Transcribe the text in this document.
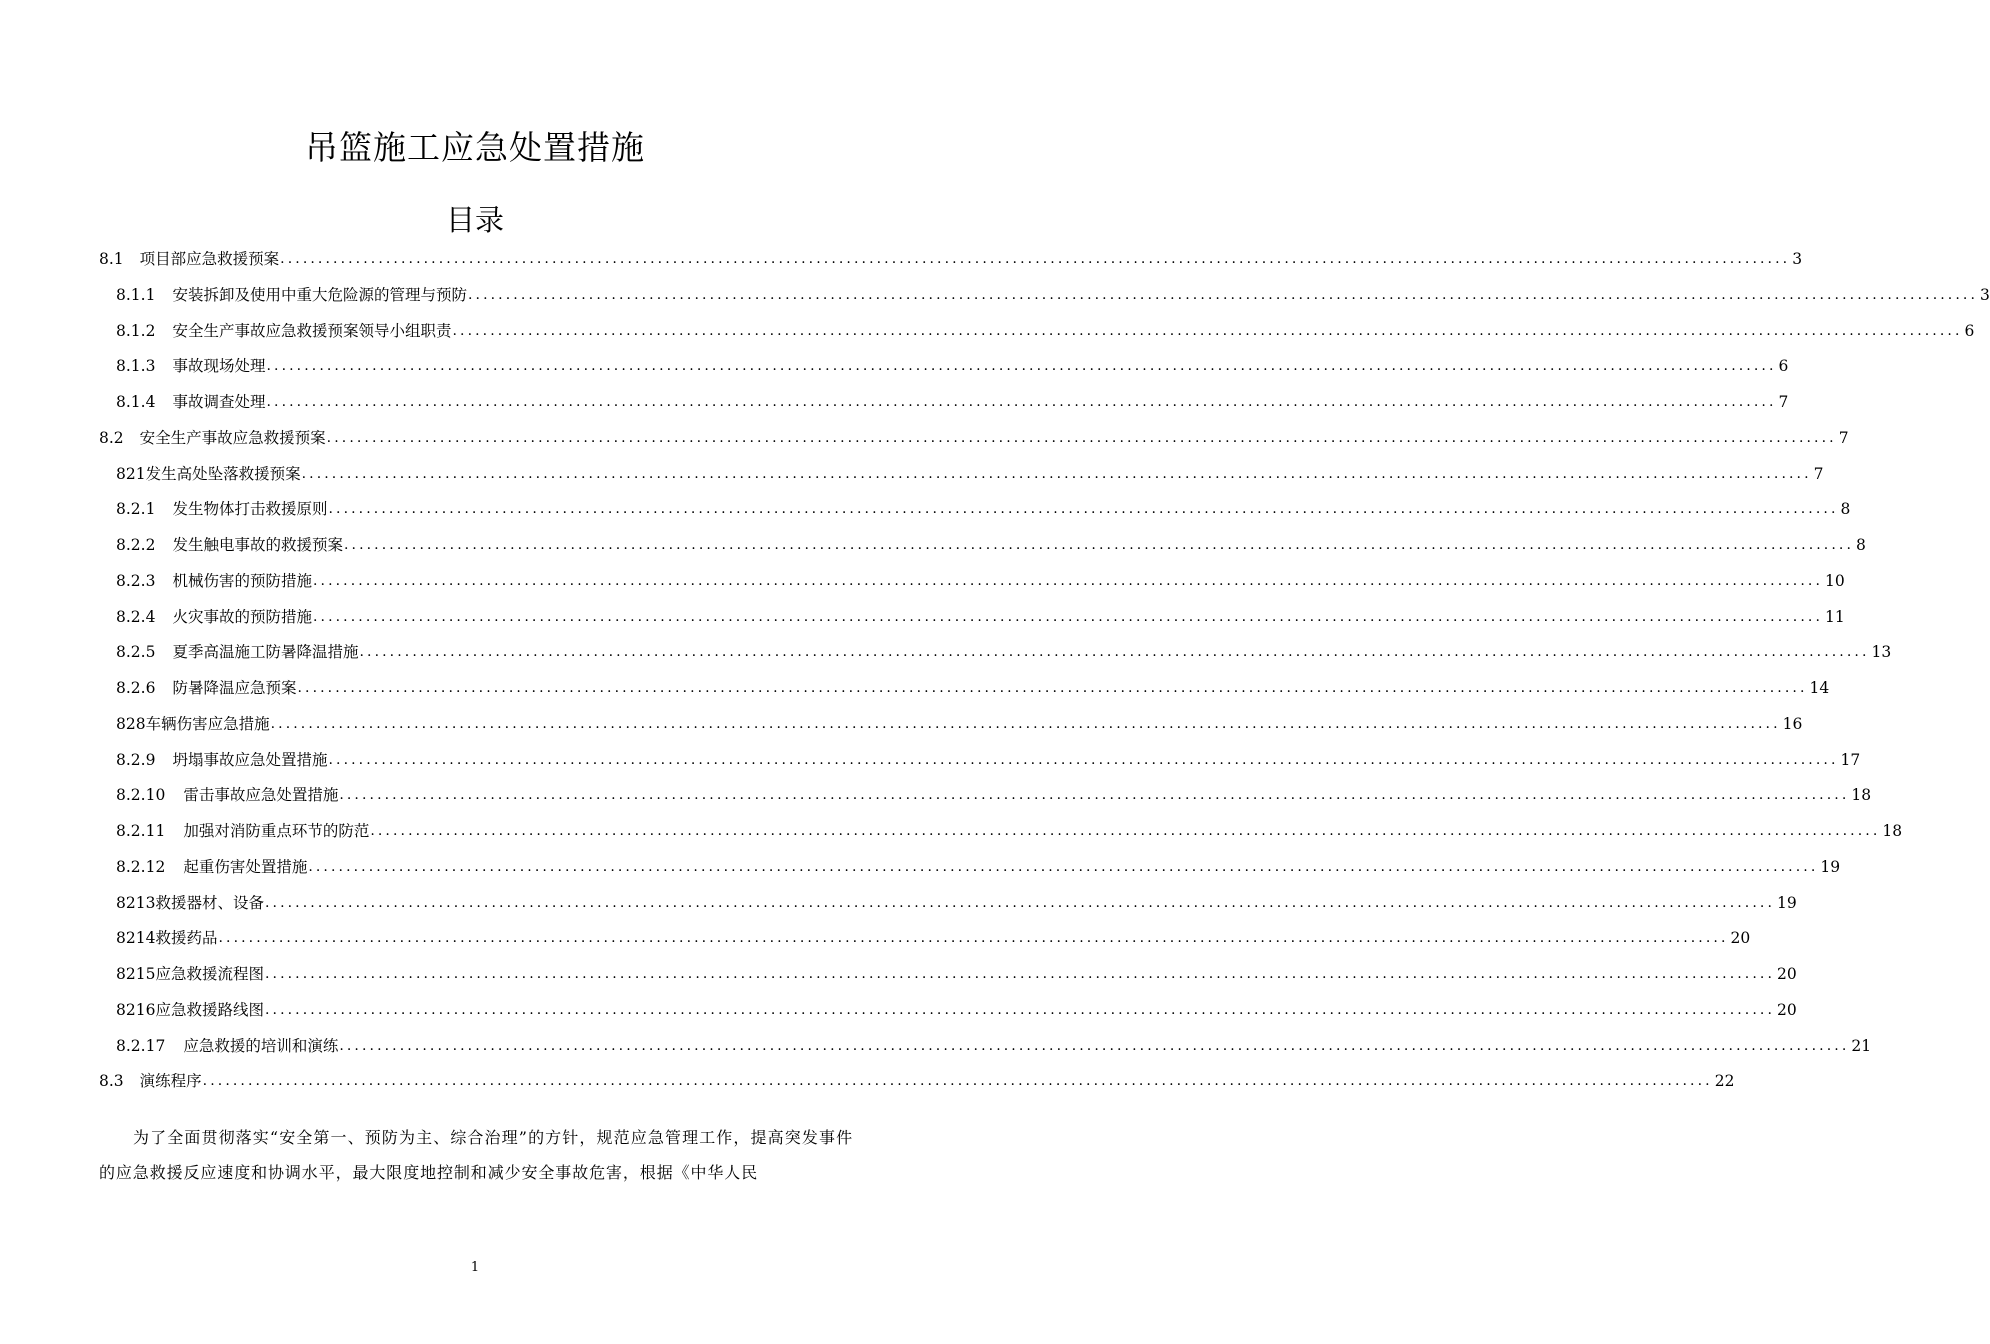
吊篮施工应急处置措施
目录
8.1 项目部应急救援预案 ........................................................................................................................................................................................................ 3
8.1.1 安装拆卸及使用中重大危险源的管理与预防 ........................................................................................................................................................................................................ 3
8.1.2 安全生产事故应急救援预案领导小组职责 ........................................................................................................................................................................................................ 6
8.1.3 事故现场处理 ........................................................................................................................................................................................................ 6
8.1.4 事故调查处理 ........................................................................................................................................................................................................ 7
8.2 安全生产事故应急救援预案 ........................................................................................................................................................................................................ 7
821 发生高处坠落救援预案 ........................................................................................................................................................................................................ 7
8.2.1 发生物体打击救援原则 ........................................................................................................................................................................................................ 8
8.2.2 发生触电事故的救援预案 ........................................................................................................................................................................................................ 8
8.2.3 机械伤害的预防措施 ........................................................................................................................................................................................................ 10
8.2.4 火灾事故的预防措施 ........................................................................................................................................................................................................ 11
8.2.5 夏季高温施工防暑降温措施 ........................................................................................................................................................................................................ 13
8.2.6 防暑降温应急预案 ........................................................................................................................................................................................................ 14
828 车辆伤害应急措施 ........................................................................................................................................................................................................ 16
8.2.9 坍塌事故应急处置措施 ........................................................................................................................................................................................................ 17
8.2.10 雷击事故应急处置措施 ........................................................................................................................................................................................................ 18
8.2.11 加强对消防重点环节的防范 ........................................................................................................................................................................................................ 18
8.2.12 起重伤害处置措施 ........................................................................................................................................................................................................ 19
8213 救援器材、设备 ........................................................................................................................................................................................................ 19
8214 救援药品 ........................................................................................................................................................................................................ 20
8215 应急救援流程图 ........................................................................................................................................................................................................ 20
8216 应急救援路线图 ........................................................................................................................................................................................................ 20
8.2.17 应急救援的培训和演练 ........................................................................................................................................................................................................ 21
8.3 演练程序 ........................................................................................................................................................................................................ 22
为了全面贯彻落实“安全第一、预防为主、综合治理”的方针，规范应急管理工作，提高突发事件的应急救援反应速度和协调水平，最大限度地控制和减少安全事故危害，根据《中华人民
1
